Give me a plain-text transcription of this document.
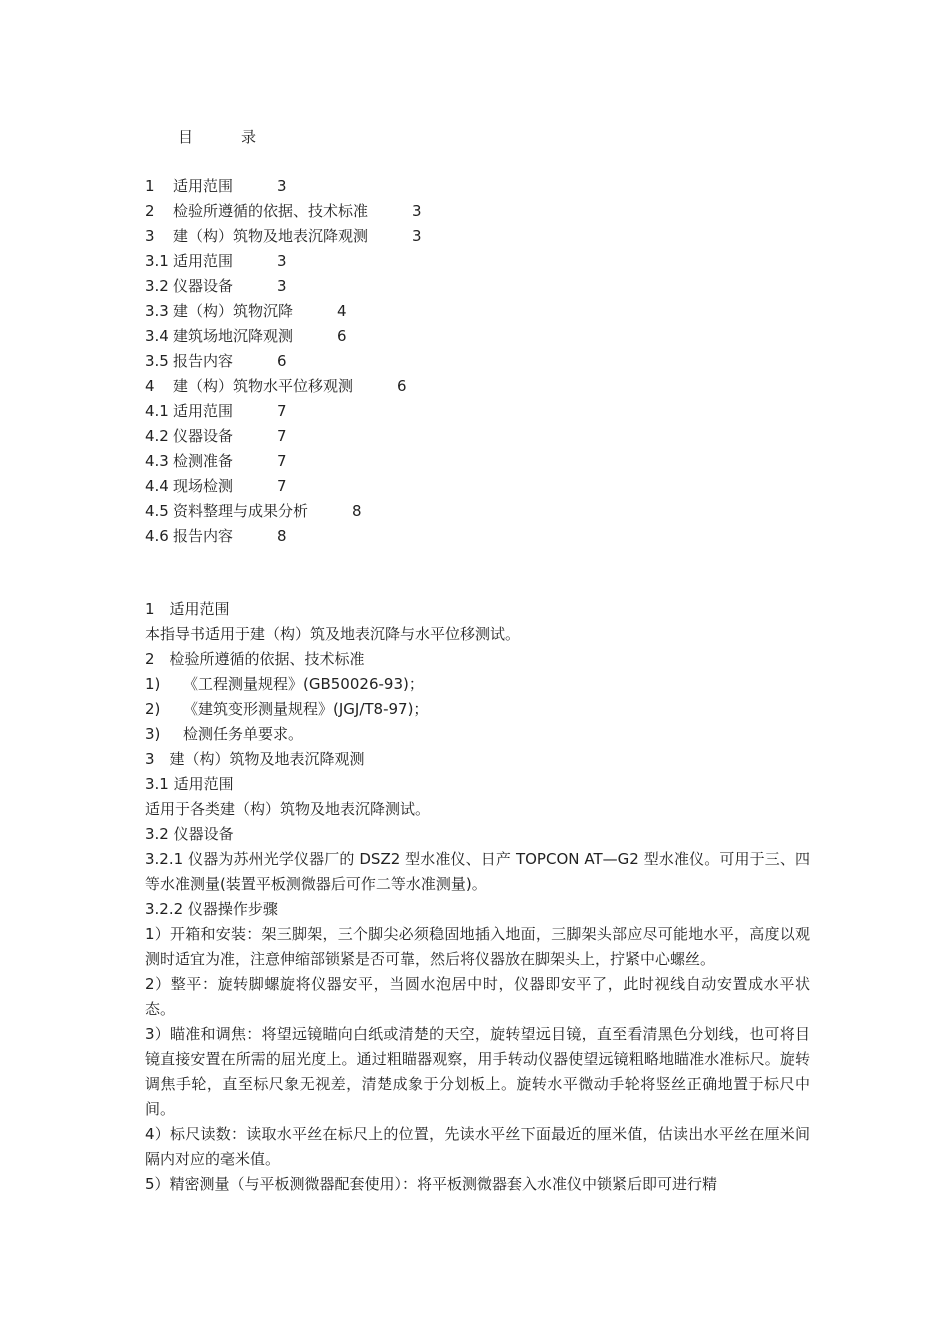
目	录
1	适用范围	3
2	检验所遵循的依据、技术标准	3
3	建（构）筑物及地表沉降观测	3
3.1 适用范围	3
3.2 仪器设备	3
3.3 建（构）筑物沉降	4
3.4 建筑场地沉降观测	6
3.5 报告内容	6
4	建（构）筑物水平位移观测	6
4.1 适用范围	7
4.2 仪器设备	7
4.3 检测准备	7
4.4 现场检测	7
4.5 资料整理与成果分析	8
4.6 报告内容	8

1　适用范围

本指导书适用于建（构）筑及地表沉降与水平位移测试。

2　检验所遵循的依据、技术标准

1) 《工程测量规程》(GB50026-93)；

2) 《建筑变形测量规程》(JGJ/T8-97)；

3) 检测任务单要求。

3　建（构）筑物及地表沉降观测

3.1 适用范围

适用于各类建（构）筑物及地表沉降测试。

3.2 仪器设备

3.2.1 仪器为苏州光学仪器厂的 DSZ2 型水准仪、日产 TOPCON AT—G2 型水准仪。可用于三、四等水准测量(装置平板测微器后可作二等水准测量)。

3.2.2 仪器操作步骤

1）开箱和安装：架三脚架，三个脚尖必须稳固地插入地面，三脚架头部应尽可能地水平，高度以观测时适宜为准，注意伸缩部锁紧是否可靠，然后将仪器放在脚架头上，拧紧中心螺丝。

2）整平：旋转脚螺旋将仪器安平，当圆水泡居中时，仪器即安平了，此时视线自动安置成水平状态。

3）瞄准和调焦：将望远镜瞄向白纸或清楚的天空，旋转望远目镜，直至看清黑色分划线，也可将目镜直接安置在所需的屈光度上。通过粗瞄器观察，用手转动仪器使望远镜粗略地瞄准水准标尺。旋转调焦手轮，直至标尺象无视差，清楚成象于分划板上。旋转水平微动手轮将竖丝正确地置于标尺中间。

4）标尺读数：读取水平丝在标尺上的位置，先读水平丝下面最近的厘米值，估读出水平丝在厘米间隔内对应的毫米值。

5）精密测量（与平板测微器配套使用）：将平板测微器套入水准仪中锁紧后即可进行精
